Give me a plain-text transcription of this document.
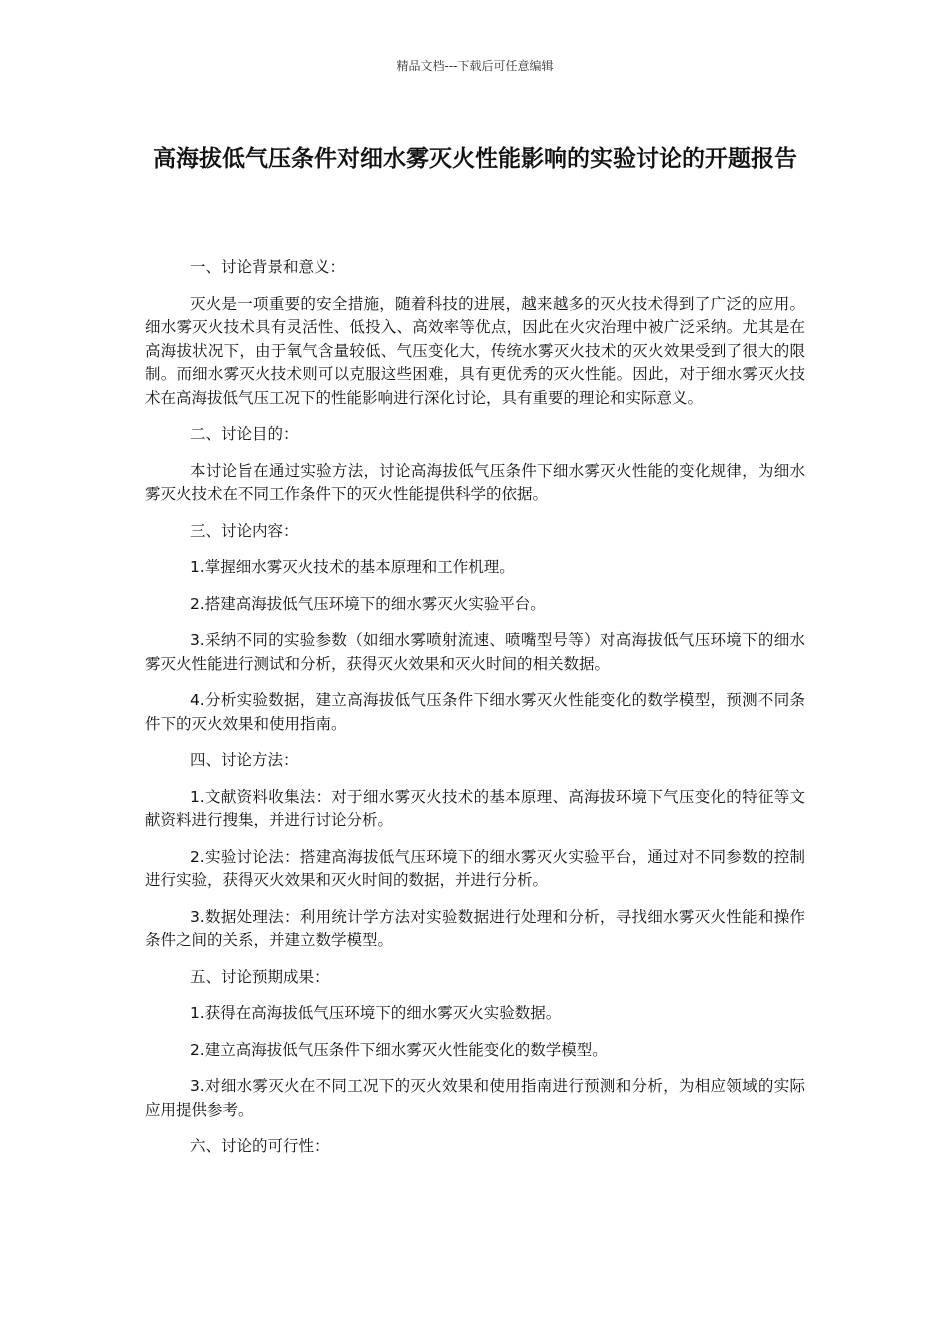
精品文档---下载后可任意编辑
高海拔低气压条件对细水雾灭火性能影响的实验讨论的开题报告

一、讨论背景和意义：

灭火是一项重要的安全措施，随着科技的进展，越来越多的灭火技术得到了广泛的应用。细水雾灭火技术具有灵活性、低投入、高效率等优点，因此在火灾治理中被广泛采纳。尤其是在高海拔状况下，由于氧气含量较低、气压变化大，传统水雾灭火技术的灭火效果受到了很大的限制。而细水雾灭火技术则可以克服这些困难，具有更优秀的灭火性能。因此，对于细水雾灭火技术在高海拔低气压工况下的性能影响进行深化讨论，具有重要的理论和实际意义。

二、讨论目的：

本讨论旨在通过实验方法，讨论高海拔低气压条件下细水雾灭火性能的变化规律，为细水雾灭火技术在不同工作条件下的灭火性能提供科学的依据。

三、讨论内容：

1.掌握细水雾灭火技术的基本原理和工作机理。

2.搭建高海拔低气压环境下的细水雾灭火实验平台。

3.采纳不同的实验参数（如细水雾喷射流速、喷嘴型号等）对高海拔低气压环境下的细水雾灭火性能进行测试和分析，获得灭火效果和灭火时间的相关数据。

4.分析实验数据，建立高海拔低气压条件下细水雾灭火性能变化的数学模型，预测不同条件下的灭火效果和使用指南。

四、讨论方法：

1.文献资料收集法：对于细水雾灭火技术的基本原理、高海拔环境下气压变化的特征等文献资料进行搜集，并进行讨论分析。

2.实验讨论法：搭建高海拔低气压环境下的细水雾灭火实验平台，通过对不同参数的控制进行实验，获得灭火效果和灭火时间的数据，并进行分析。

3.数据处理法：利用统计学方法对实验数据进行处理和分析，寻找细水雾灭火性能和操作条件之间的关系，并建立数学模型。

五、讨论预期成果：

1.获得在高海拔低气压环境下的细水雾灭火实验数据。

2.建立高海拔低气压条件下细水雾灭火性能变化的数学模型。

3.对细水雾灭火在不同工况下的灭火效果和使用指南进行预测和分析，为相应领域的实际应用提供参考。

六、讨论的可行性：
